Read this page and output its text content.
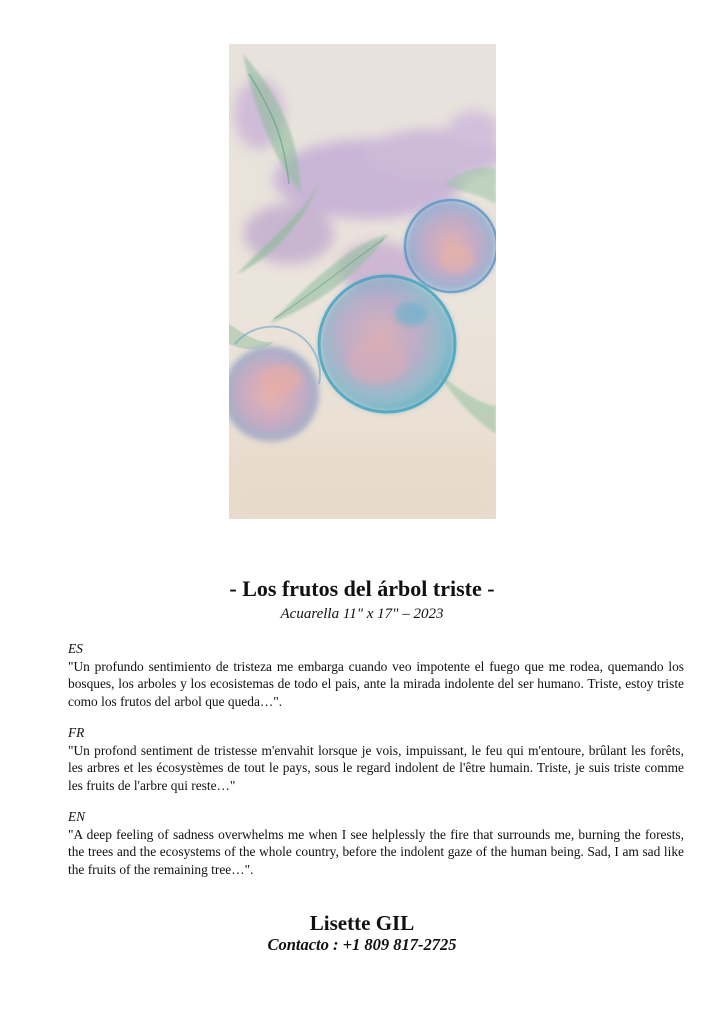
- Los frutos del árbol triste -
Acuarella 11" x 17" – 2023

ES

"Un profundo sentimiento de tristeza me embarga cuando veo impotente el fuego que me rodea, quemando los bosques, los arboles y los ecosistemas de todo el pais, ante la mirada indolente del ser humano. Triste, estoy triste como los frutos del arbol que queda…".

FR

"Un profond sentiment de tristesse m'envahit lorsque je vois, impuissant, le feu qui m'entoure, brûlant les forêts, les arbres et les écosystèmes de tout le pays, sous le regard indolent de l'être humain. Triste, je suis triste comme les fruits de l'arbre qui reste…"

EN

"A deep feeling of sadness overwhelms me when I see helplessly the fire that surrounds me, burning the forests, the trees and the ecosystems of the whole country, before the indolent gaze of the human being. Sad, I am sad like the fruits of the remaining tree…".

Lisette GIL
Contacto : +1 809 817-2725
